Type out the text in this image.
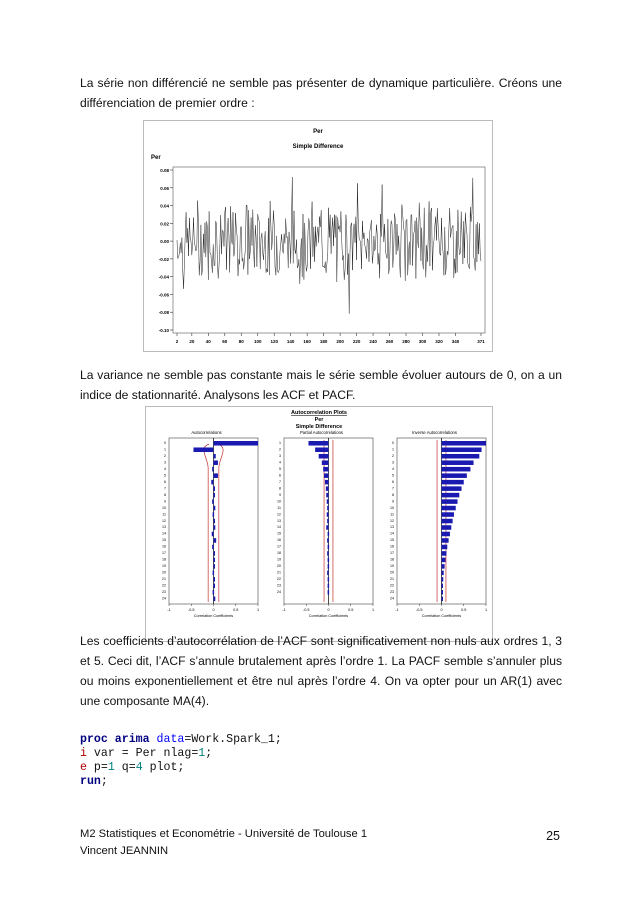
La série non différencié ne semble pas présenter de dynamique particulière. Créons une différenciation de premier ordre :

Per
Simple Difference
Per
0.08
0.06
0.04
0.02
0.00
-0.02
-0.04
-0.06
-0.08
-0.10
2 20	40	60	80 100 120 140 160 180 200 220 240 260 280 300 320 340	371

La variance ne semble pas constante mais le série semble évoluer autours de 0, on a un indice de stationnarité. Analysons les ACF et PACF.

Autocorrelation Plots
Per
Simple Difference
Autocorrelations
0
1
2
3
4
5
6
7
8
9
10
11
12
13
14
15
16
17
18
19
20
21
22
23
24
-1	-0.5	0	0.5	1
Correlation Coefficients
Partial Autocorrelations
1
2
3
4
5
6
7
8
9
10
11
12
13
14
15
16
17
18
19
20
21
22
23
24
-1	-0.5	0	0.5	1
Correlation Coefficients
Inverse Autocorrelations
0
1
2
3
4
5
6
7
8
9
10
11
12
13
14
15
16
17
18
19
20
21
22
23
24
-1	-0.5	0	0.5	1
Correlation Coefficients

Les coefficients d’autocorrélation de l’ACF sont significativement non nuls aux ordres 1, 3 et 5. Ceci dit, l’ACF s’annule brutalement après l’ordre 1. La PACF semble s’annuler plus ou moins exponentiellement et être nul après l’ordre 4. On va opter pour un AR(1) avec une composante MA(4).

proc arima data=Work.Spark_1;
i var = Per nlag=1;
e p=1 q=4 plot;
run;
M2 Statistiques et Econométrie - Université de Toulouse 1
Vincent JEANNIN
25
